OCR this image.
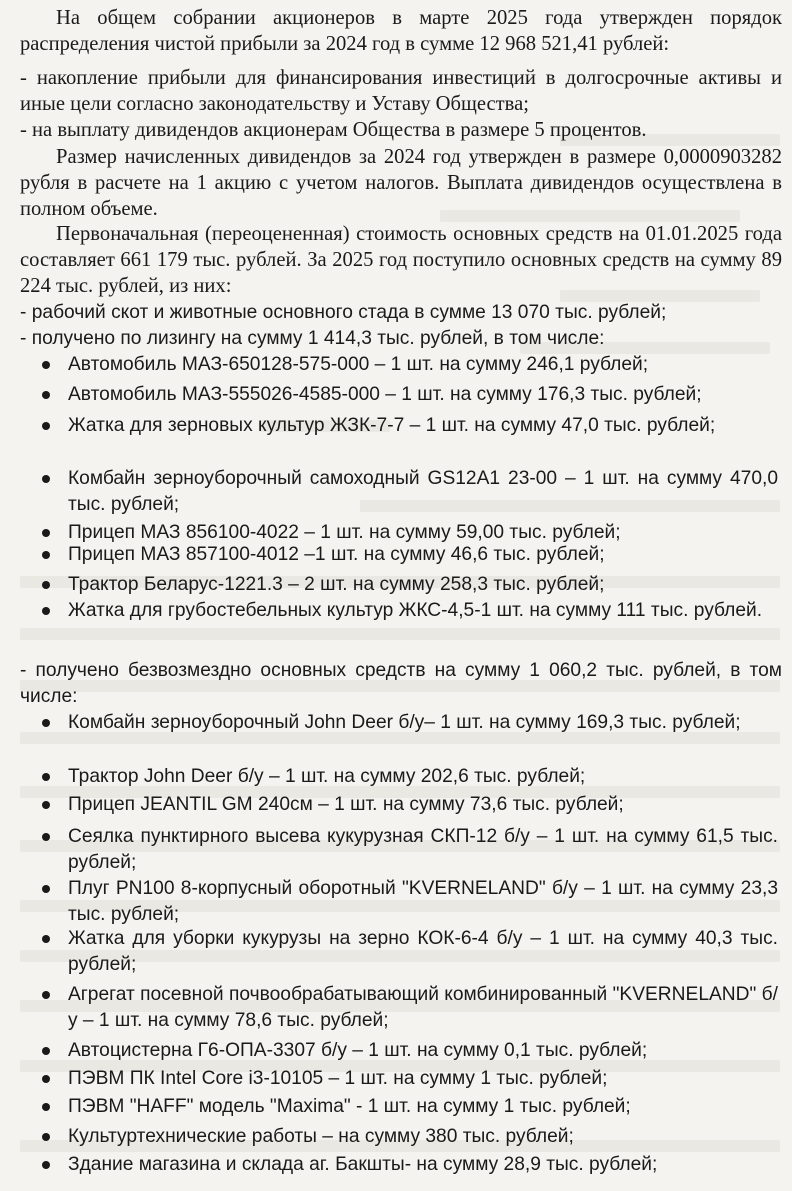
На общем собрании акционеров в марте 2025 года утвержден порядок распределения чистой прибыли за 2024 год в сумме 12 968 521,41 рублей:

- накопление прибыли для финансирования инвестиций в долгосрочные активы и иные цели согласно законодательству и Уставу Общества;

- на выплату дивидендов акционерам Общества в размере 5 процентов.

Размер начисленных дивидендов за 2024 год утвержден в размере 0,0000903282 рубля в расчете на 1 акцию с учетом налогов. Выплата дивидендов осуществлена в полном объеме.

Первоначальная (переоцененная) стоимость основных средств на 01.01.2025 года составляет 661 179 тыс. рублей. За 2025 год поступило основных средств на сумму 89 224 тыс. рублей, из них:

- рабочий скот и животные основного стада в сумме 13 070 тыс. рублей;

- получено по лизингу на сумму 1 414,3 тыс. рублей, в том числе:

Автомобиль МАЗ-650128-575-000 – 1 шт. на сумму 246,1 рублей;
Автомобиль МАЗ-555026-4585-000 – 1 шт. на сумму 176,3 тыс. рублей;
Жатка для зерновых культур ЖЗК-7-7 – 1 шт. на сумму 47,0 тыс. рублей;
Комбайн зерноуборочный самоходный GS12A1 23-00 – 1 шт. на сумму 470,0 тыс. рублей;
Прицеп МАЗ 856100-4022 – 1 шт. на сумму 59,00 тыс. рублей;
Прицеп МАЗ 857100-4012 –1 шт. на сумму 46,6 тыс. рублей;
Трактор Беларус-1221.3 – 2 шт. на сумму 258,3 тыс. рублей;
Жатка для грубостебельных культур ЖКС-4,5-1 шт. на сумму 111 тыс. рублей.

- получено безвозмездно основных средств на сумму 1 060,2 тыс. рублей, в том числе:

Комбайн зерноуборочный John Deer б/у– 1 шт. на сумму 169,3 тыс. рублей;
Трактор John Deer б/у – 1 шт. на сумму 202,6 тыс. рублей;
Прицеп JEANTIL GM 240см – 1 шт. на сумму 73,6 тыс. рублей;
Сеялка пунктирного высева кукурузная СКП-12 б/у – 1 шт. на сумму 61,5 тыс. рублей;
Плуг PN100 8-корпусный оборотный "KVERNELAND" б/у – 1 шт. на сумму 23,3 тыс. рублей;
Жатка для уборки кукурузы на зерно КОК-6-4 б/у – 1 шт. на сумму 40,3 тыс. рублей;
Агрегат посевной почвообрабатывающий комбинированный "KVERNELAND" б/у – 1 шт. на сумму 78,6 тыс. рублей;
Автоцистерна Г6-ОПА-3307 б/у – 1 шт. на сумму 0,1 тыс. рублей;
ПЭВМ ПК Intel Core i3-10105 – 1 шт. на сумму 1 тыс. рублей;
ПЭВМ "HAFF" модель "Maxima" - 1 шт. на сумму 1 тыс. рублей;
Культуртехнические работы – на сумму 380 тыс. рублей;
Здание магазина и склада аг. Бакшты- на сумму 28,9 тыс. рублей;
